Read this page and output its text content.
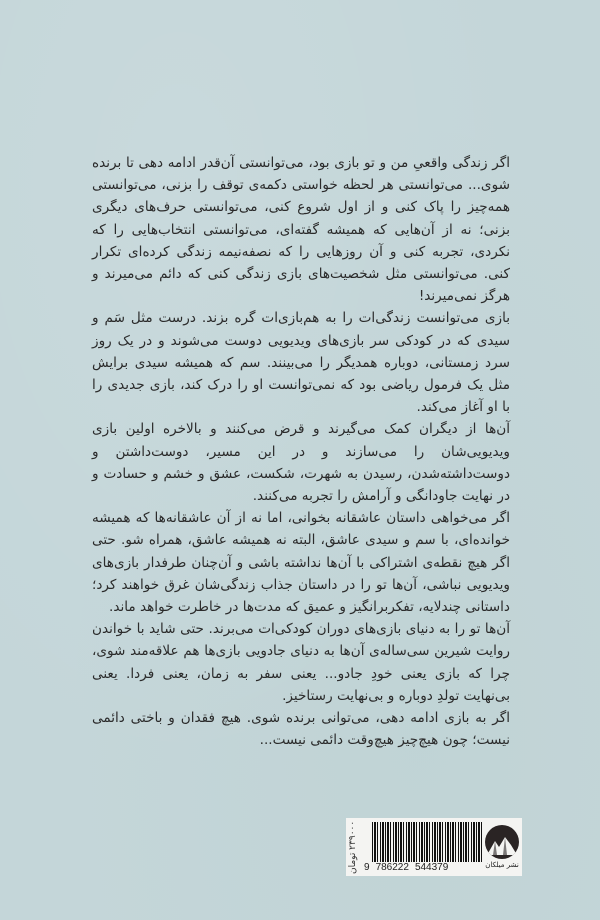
اگر زندگی واقعیِ من و تو بازی بود، می‌توانستی آن‌قدر ادامه دهی تا برنده شوی... می‌توانستی هر لحظه خواستی دکمه‌ی توقف را بزنی، می‌توانستی همه‌چیز را پاک کنی و از اول شروع کنی، می‌توانستی حرف‌های دیگری بزنی؛ نه از آن‌هایی که همیشه گفته‌ای، می‌توانستی انتخاب‌هایی را که نکردی، تجربه کنی و آن روزهایی را که نصفه‌نیمه زندگی کرده‌ای تکرار کنی. می‌توانستی مثل شخصیت‌های بازی زندگی کنی که دائم می‌میرند و هرگز نمی‌میرند!

بازی می‌توانست زندگی‌ات را به هم‌بازی‌ات گره بزند. درست مثل سَم و سیدی که در کودکی سر بازی‌های ویدیویی دوست می‌شوند و در یک روز سرد زمستانی، دوباره همدیگر را می‌بینند. سم که همیشه سیدی برایش مثل یک فرمول ریاضی بود که نمی‌توانست او را درک کند، بازی جدیدی را با او آغاز می‌کند.

آن‌ها از دیگران کمک می‌گیرند و قرض می‌کنند و بالاخره اولین بازی ویدیویی‌شان را می‌سازند و در این مسیر، دوست‌داشتن و دوست‌داشته‌شدن، رسیدن به شهرت، شکست، عشق و خشم و حسادت و در نهایت جاودانگی و آرامش را تجربه می‌کنند.

اگر می‌خواهی داستان عاشقانه بخوانی، اما نه از آن عاشقانه‌ها که همیشه خوانده‌ای، با سم و سیدی عاشق، البته نه همیشه عاشق، همراه شو. حتی اگر هیچ نقطه‌ی اشتراکی با آن‌ها نداشته باشی و آن‌چنان طرفدار بازی‌های ویدیویی نباشی، آن‌ها تو را در داستان جذاب زندگی‌شان غرق خواهند کرد؛ داستانی چندلایه، تفکربرانگیز و عمیق که مدت‌ها در خاطرت خواهد ماند.

آن‌ها تو را به دنیای بازی‌های دوران کودکی‌ات می‌برند. حتی شاید با خواندن روایت شیرین سی‌ساله‌ی آن‌ها به دنیای جادویی بازی‌ها هم علاقه‌مند شوی، چرا که بازی یعنی خودِ جادو... یعنی سفر به زمان، یعنی فردا. یعنی بی‌نهایت تولدِ دوباره و بی‌نهایت رستاخیز.

اگر به بازی ادامه دهی، می‌توانی برنده شوی. هیچ فقدان و باختی دائمی نیست؛ چون هیچ‌چیز هیچ‌وقت دائمی نیست...

۲۳۹۰۰۰ تومان
9 786222 544379	نشر میلکان
